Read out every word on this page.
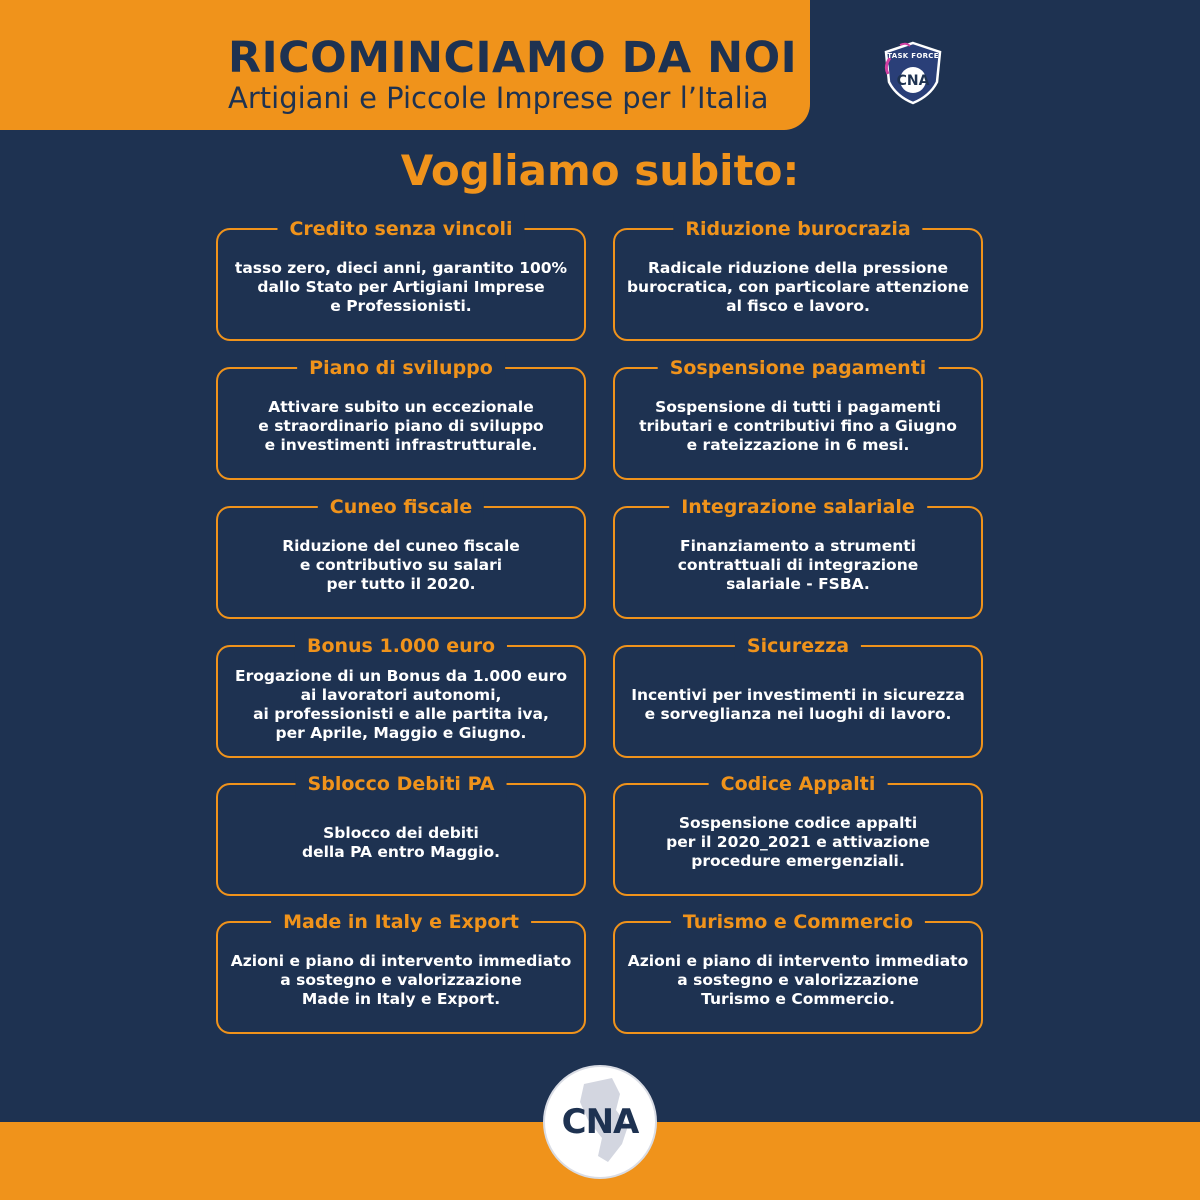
RICOMINCIAMO DA NOI

Artigiani e Piccole Imprese per l’Italia

TASK FORCE
CNA
Vogliamo subito:
Credito senza vincoli
tasso zero, dieci anni, garantito 100%
dallo Stato per Artigiani Imprese
e Professionisti.
Riduzione burocrazia
Radicale riduzione della pressione
burocratica, con particolare attenzione
al fisco e lavoro.
Piano di sviluppo
Attivare subito un eccezionale
e straordinario piano di sviluppo
e investimenti infrastrutturale.
Sospensione pagamenti
Sospensione di tutti i pagamenti
tributari e contributivi fino a Giugno
e rateizzazione in 6 mesi.
Cuneo fiscale
Riduzione del cuneo fiscale
e contributivo su salari
per tutto il 2020.
Integrazione salariale
Finanziamento a strumenti
contrattuali di integrazione
salariale - FSBA.
Bonus 1.000 euro
Erogazione di un Bonus da 1.000 euro
ai lavoratori autonomi,
ai professionisti e alle partita iva,
per Aprile, Maggio e Giugno.
Sicurezza
Incentivi per investimenti in sicurezza
e sorveglianza nei luoghi di lavoro.
Sblocco Debiti PA
Sblocco dei debiti
della PA entro Maggio.
Codice Appalti
Sospensione codice appalti
per il 2020_2021 e attivazione
procedure emergenziali.
Made in Italy e Export
Azioni e piano di intervento immediato
a sostegno e valorizzazione
Made in Italy e Export.
Turismo e Commercio
Azioni e piano di intervento immediato
a sostegno e valorizzazione
Turismo e Commercio.
CNA
